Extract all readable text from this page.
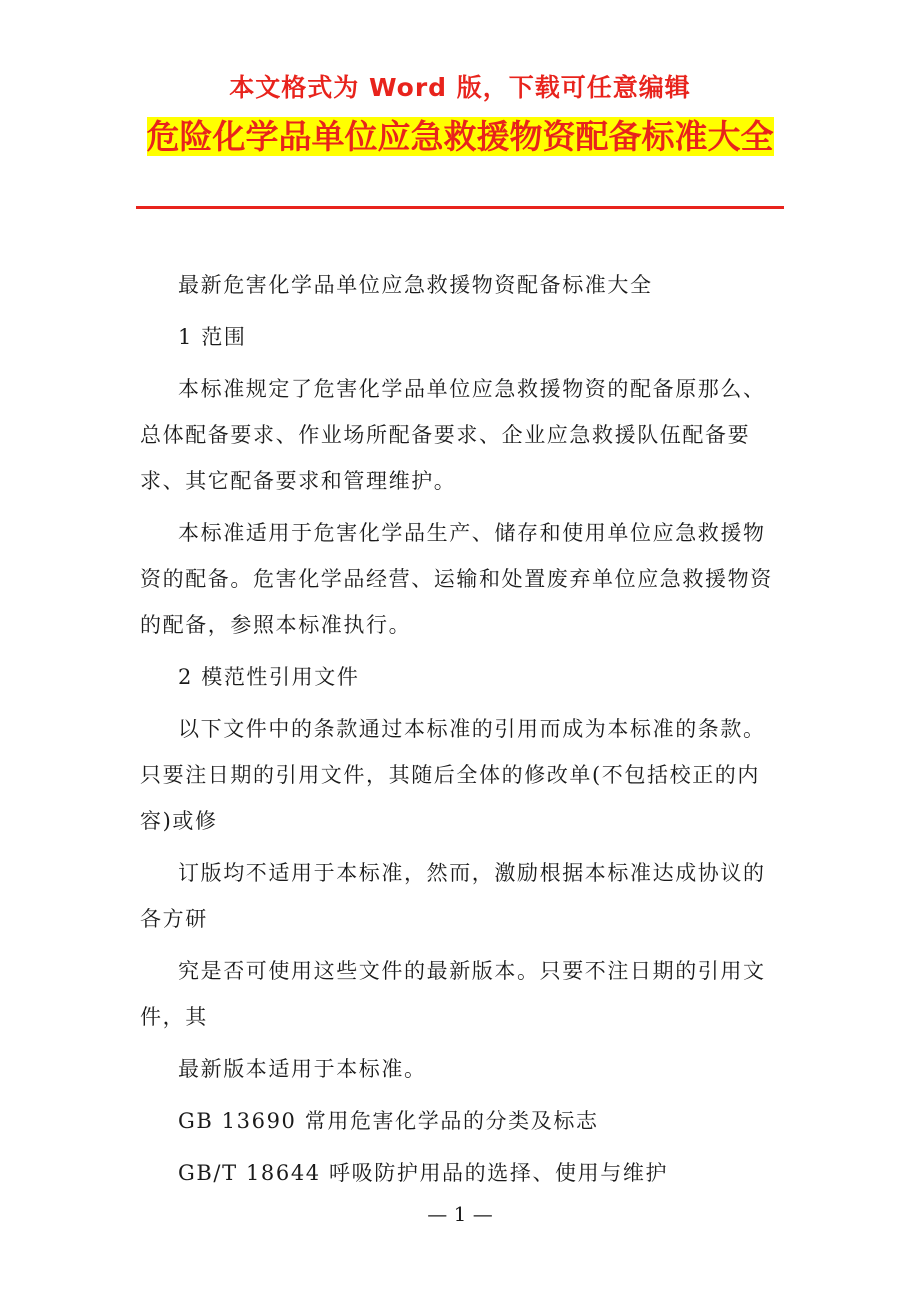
本文格式为 Word 版，下载可任意编辑
危险化学品单位应急救援物资配备标准大全

最新危害化学品单位应急救援物资配备标准大全

1 范围

本标准规定了危害化学品单位应急救援物资的配备原那么、总体配备要求、作业场所配备要求、企业应急救援队伍配备要求、其它配备要求和管理维护。

本标准适用于危害化学品生产、储存和使用单位应急救援物资的配备。危害化学品经营、运输和处置废弃单位应急救援物资的配备，参照本标准执行。

2 模范性引用文件

以下文件中的条款通过本标准的引用而成为本标准的条款。只要注日期的引用文件，其随后全体的修改单(不包括校正的内容)或修

订版均不适用于本标准，然而，激励根据本标准达成协议的各方研

究是否可使用这些文件的最新版本。只要不注日期的引用文件，其

最新版本适用于本标准。

GB 13690 常用危害化学品的分类及标志

GB/T 18644 呼吸防护用品的选择、使用与维护

— 1 —
